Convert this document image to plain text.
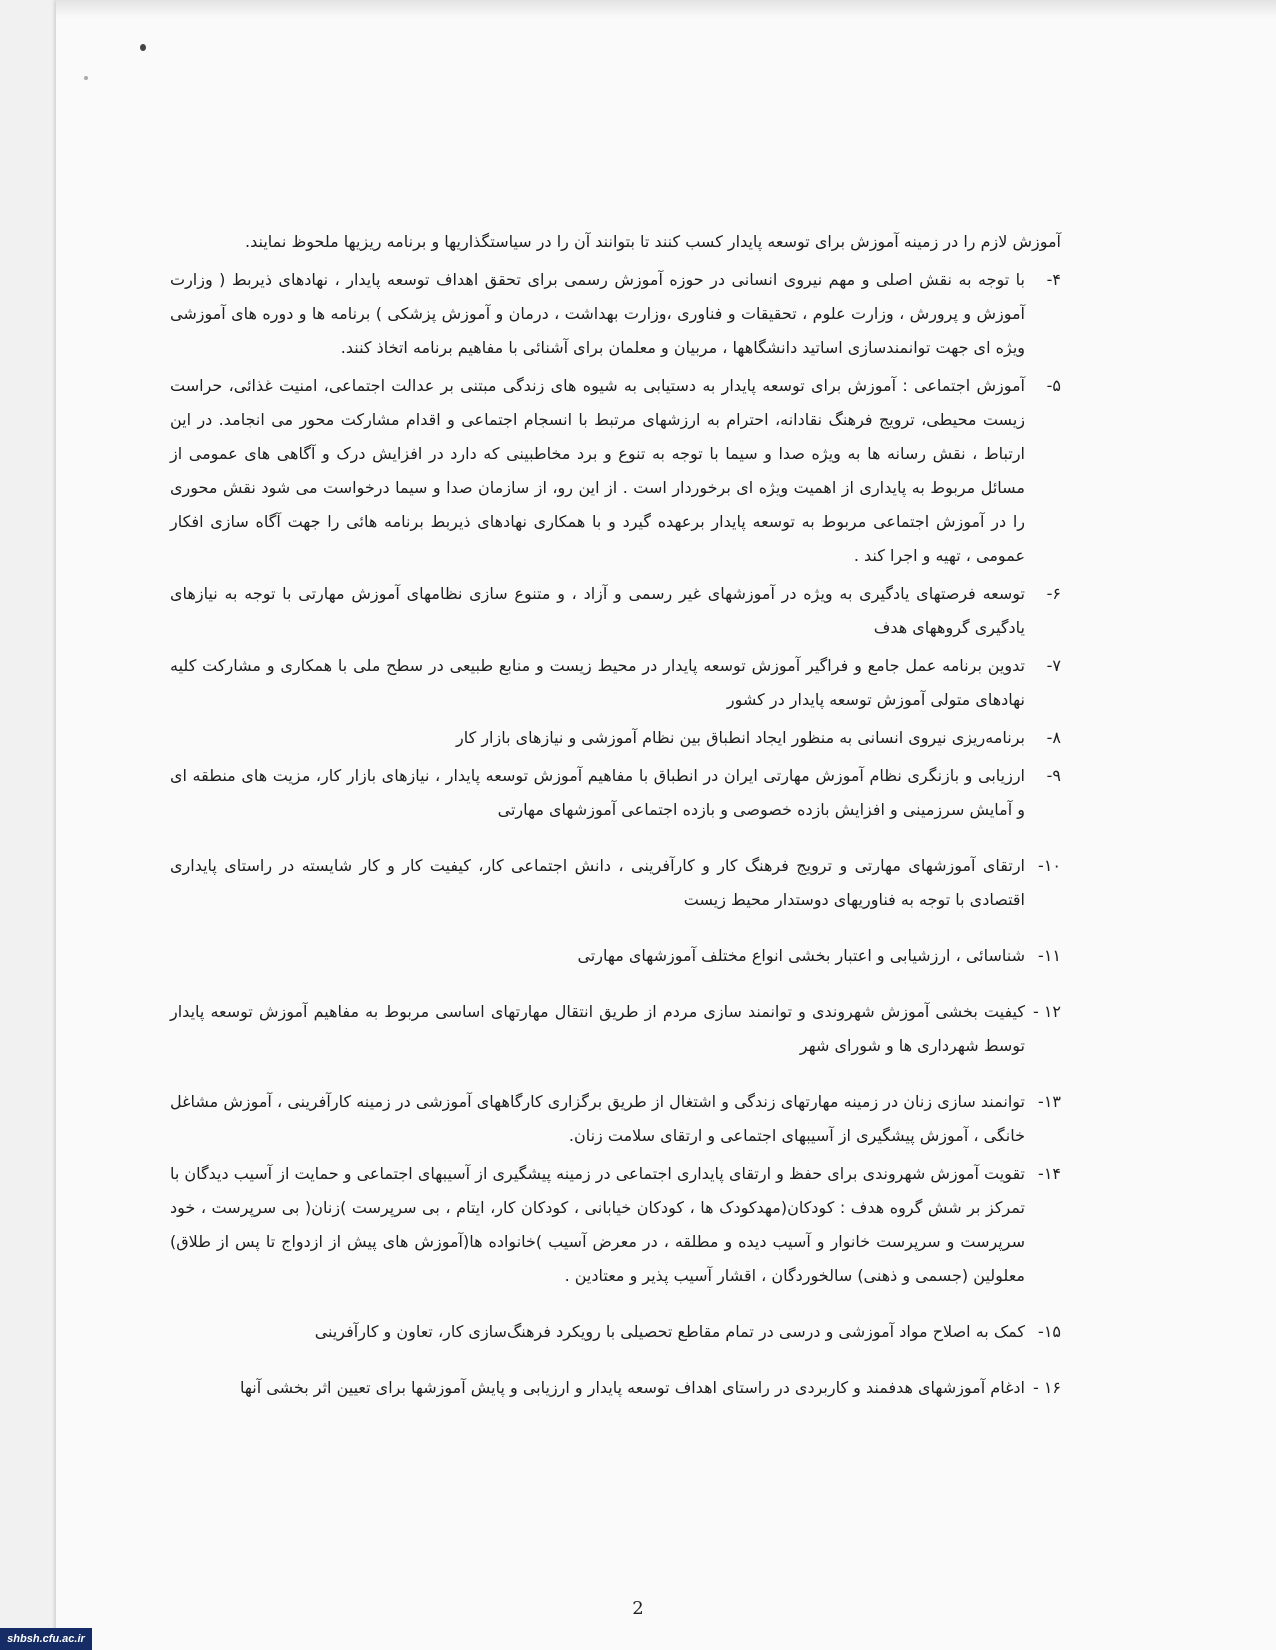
آموزش لازم را در زمینه آموزش برای توسعه پایدار کسب کنند تا بتوانند آن را در سیاستگذاریها و برنامه ریزیها ملحوظ نمایند.

۴-
با توجه به نقش اصلی و مهم نیروی انسانی در حوزه آموزش رسمی برای تحقق اهداف توسعه پایدار ، نهادهای ذیربط ( وزارت آموزش و پرورش ، وزارت علوم ، تحقیقات و فناوری ،وزارت بهداشت ، درمان و آموزش پزشکی ) برنامه ها و دوره های آموزشی ویژه ای جهت توانمندسازی اساتید دانشگاهها ، مربیان و معلمان برای آشنائی با مفاهیم برنامه اتخاذ کنند.
۵-
آموزش اجتماعی : آموزش برای توسعه پایدار به دستیابی به شیوه های زندگی مبتنی بر عدالت اجتماعی، امنیت غذائی، حراست زیست محیطی، ترویج فرهنگ نقادانه، احترام به ارزشهای مرتبط با انسجام اجتماعی و اقدام مشارکت محور می انجامد. در این ارتباط ، نقش رسانه ها به ویژه صدا و سیما با توجه به تنوع و برد مخاطبینی که دارد در افزایش درک و آگاهی های عمومی از مسائل مربوط به پایداری از اهمیت ویژه ای برخوردار است . از این رو، از سازمان صدا و سیما درخواست می شود نقش محوری را در آموزش اجتماعی مربوط به توسعه پایدار برعهده گیرد و با همکاری نهادهای ذیربط برنامه هائی را جهت آگاه سازی افکار عمومی ، تهیه و اجرا کند .
۶-
توسعه فرصتهای یادگیری به ویژه در آموزشهای غیر رسمی و آزاد ، و متنوع سازی نظامهای آموزش مهارتی با توجه به نیازهای یادگیری گروههای هدف
۷-
تدوین برنامه عمل جامع و فراگیر آموزش توسعه پایدار در محیط زیست و منابع طبیعی در سطح ملی با همکاری و مشارکت کلیه نهادهای متولی آموزش توسعه پایدار در کشور
۸-
برنامه‌ریزی نیروی انسانی به منظور ایجاد انطباق بین نظام آموزشی و نیازهای بازار کار
۹-
ارزیابی و بازنگری نظام آموزش مهارتی ایران در انطباق با مفاهیم آموزش توسعه پایدار ، نیازهای بازار کار، مزیت های منطقه ای و آمایش سرزمینی و افزایش بازده خصوصی و بازده اجتماعی آموزشهای مهارتی
۱۰-
ارتقای آموزشهای مهارتی و ترویج فرهنگ کار و کارآفرینی ، دانش اجتماعی کار، کیفیت کار و کار شایسته در راستای پایداری اقتصادی با توجه به فناوریهای دوستدار محیط زیست
۱۱-
شناسائی ، ارزشیابی و اعتبار بخشی انواع مختلف آموزشهای مهارتی
۱۲ -
کیفیت بخشی آموزش شهروندی و توانمند سازی مردم از طریق انتقال مهارتهای اساسی مربوط به مفاهیم آموزش توسعه پایدار توسط شهرداری ها و شورای شهر
۱۳-
توانمند سازی زنان در زمینه مهارتهای زندگی و اشتغال از طریق برگزاری کارگاههای آموزشی در زمینه کارآفرینی ، آموزش مشاغل خانگی ، آموزش پیشگیری از آسیبهای اجتماعی و ارتقای سلامت زنان.
۱۴-
تقویت آموزش شهروندی برای حفظ و ارتقای پایداری اجتماعی در زمینه پیشگیری از آسیبهای اجتماعی و حمایت از آسیب دیدگان با تمرکز بر شش گروه هدف : کودکان(مهدکودک ها ، کودکان خیابانی ، کودکان کار، ایتام ، بی سرپرست )زنان( بی سرپرست ، خود سرپرست و سرپرست خانوار و آسیب دیده و مطلقه ، در معرض آسیب )خانواده ها(آموزش های پیش از ازدواج تا پس از طلاق) معلولین (جسمی و ذهنی) سالخوردگان ، اقشار آسیب پذیر و معتادین .
۱۵-
کمک به اصلاح مواد آموزشی و درسی در تمام مقاطع تحصیلی با رویکرد فرهنگ‌سازی کار، تعاون و کارآفرینی
۱۶ -
ادغام آموزشهای هدفمند و کاربردی در راستای اهداف توسعه پایدار و ارزیابی و پایش آموزشها برای تعیین اثر بخشی آنها
2
shbsh.cfu.ac.ir
